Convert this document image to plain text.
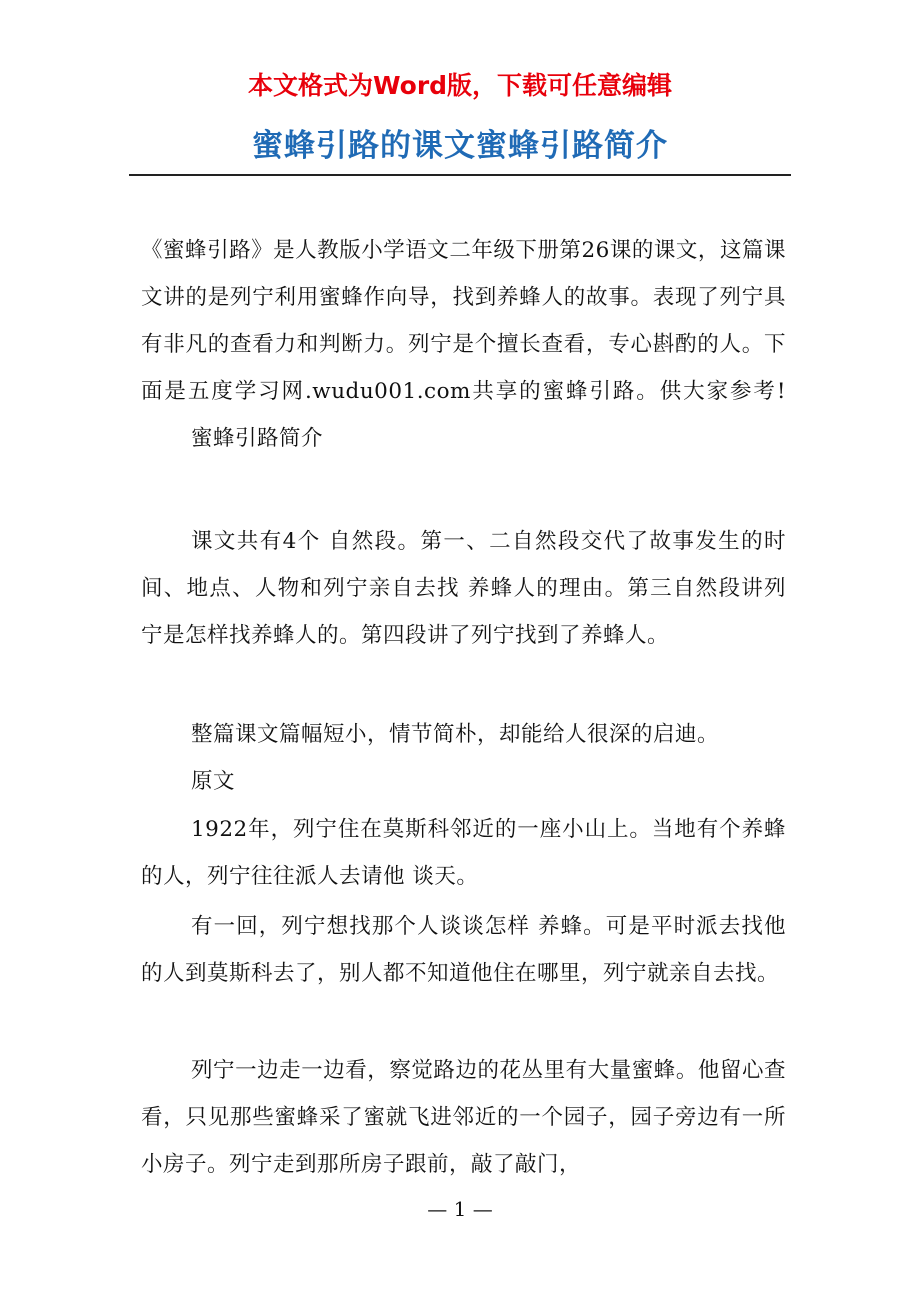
本文格式为Word版，下载可任意编辑
蜜蜂引路的课文蜜蜂引路简介

《蜜蜂引路》是人教版小学语文二年级下册第26课的课文，这篇课文讲的是列宁利用蜜蜂作向导，找到养蜂人的故事。表现了列宁具有非凡的查看力和判断力。列宁是个擅长查看，专心斟酌的人。下面是五度学习网.wudu001.com共享的蜜蜂引路。供大家参考!蜜蜂引路简介

课文共有4个 自然段。第一、二自然段交代了故事发生的时间、地点、人物和列宁亲自去找 养蜂人的理由。第三自然段讲列宁是怎样找养蜂人的。第四段讲了列宁找到了养蜂人。

整篇课文篇幅短小，情节简朴，却能给人很深的启迪。

原文

1922年，列宁住在莫斯科邻近的一座小山上。当地有个养蜂的人，列宁往往派人去请他 谈天。

有一回，列宁想找那个人谈谈怎样 养蜂。可是平时派去找他的人到莫斯科去了，别人都不知道他住在哪里，列宁就亲自去找。

列宁一边走一边看，察觉路边的花丛里有大量蜜蜂。他留心查看，只见那些蜜蜂采了蜜就飞进邻近的一个园子，园子旁边有一所小房子。列宁走到那所房子跟前，敲了敲门，

— 1 —
